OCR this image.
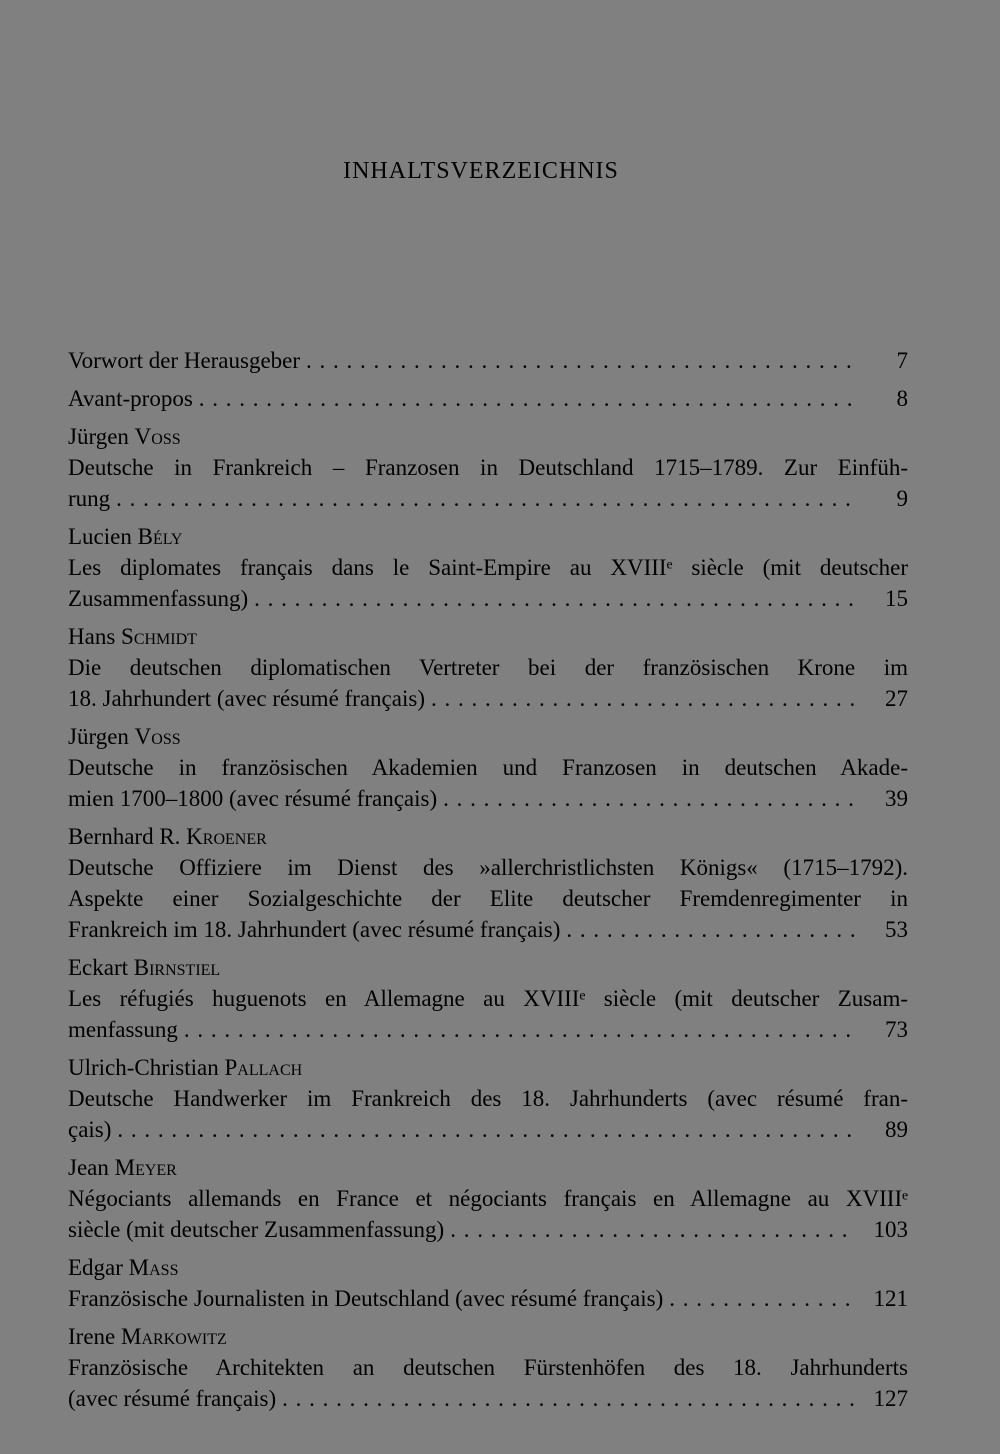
INHALTSVERZEICHNIS
Vorwort der Herausgeber . . .	7
Avant-propos . . .	8
Jürgen Voss
Deutsche in Frankreich – Franzosen in Deutschland 1715–1789. Zur Einfüh-
rung . . .	9
Lucien Bély
Les diplomates français dans le Saint-Empire au XVIIIᵉ siècle (mit deutscher
Zusammenfassung) . . .	15
Hans Schmidt
Die deutschen diplomatischen Vertreter bei der französischen Krone im
18. Jahrhundert (avec résumé français) . . .	27
Jürgen Voss
Deutsche in französischen Akademien und Franzosen in deutschen Akade-
mien 1700–1800 (avec résumé français) . . .	39
Bernhard R. Kroener
Deutsche Offiziere im Dienst des »allerchristlichsten Königs« (1715–1792).
Aspekte einer Sozialgeschichte der Elite deutscher Fremdenregimenter in
Frankreich im 18. Jahrhundert (avec résumé français) . . .	53
Eckart Birnstiel
Les réfugiés huguenots en Allemagne au XVIIIᵉ siècle (mit deutscher Zusam-
menfassung . . .	73
Ulrich-Christian Pallach
Deutsche Handwerker im Frankreich des 18. Jahrhunderts (avec résumé fran-
çais) . . .	89
Jean Meyer
Négociants allemands en France et négociants français en Allemagne au XVIIIᵉ
siècle (mit deutscher Zusammenfassung) . . .	103
Edgar Mass
Französische Journalisten in Deutschland (avec résumé français) . . .	121
Irene Markowitz
Französische Architekten an deutschen Fürstenhöfen des 18. Jahrhunderts
(avec résumé français) . . .	127
